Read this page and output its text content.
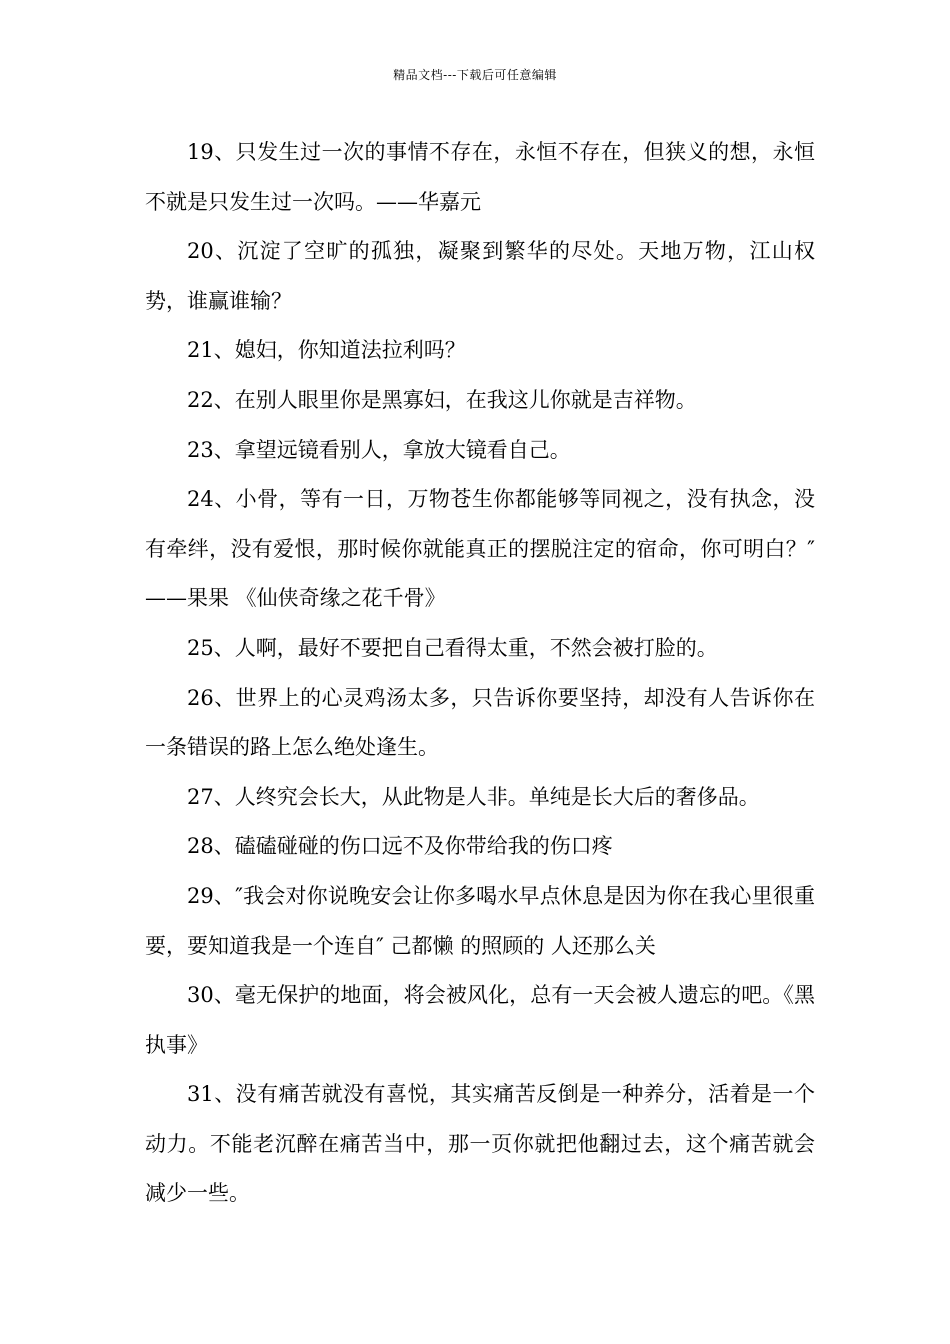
精品文档---下载后可任意编辑

19、只发生过一次的事情不存在，永恒不存在，但狭义的想，永恒不就是只发生过一次吗。——华嘉元

20、沉淀了空旷的孤独，凝聚到繁华的尽处。天地万物，江山权势，谁赢谁输？

21、媳妇，你知道法拉利吗？

22、在别人眼里你是黑寡妇，在我这儿你就是吉祥物。

23、拿望远镜看别人，拿放大镜看自己。

24、小骨，等有一日，万物苍生你都能够等同视之，没有执念，没有牵绊，没有爱恨，那时候你就能真正的摆脱注定的宿命，你可明白？″ ——果果 《仙侠奇缘之花千骨》

25、人啊，最好不要把自己看得太重，不然会被打脸的。

26、世界上的心灵鸡汤太多，只告诉你要坚持，却没有人告诉你在一条错误的路上怎么绝处逢生。

27、人终究会长大，从此物是人非。单纯是长大后的奢侈品。

28、磕磕碰碰的伤口远不及你带给我的伤口疼

29、″我会对你说晚安会让你多喝水早点休息是因为你在我心里很重要，要知道我是一个连自″ 己都懒 的照顾的 人还那么关

30、毫无保护的地面，将会被风化，总有一天会被人遗忘的吧。《黑执事》

31、没有痛苦就没有喜悦，其实痛苦反倒是一种养分，活着是一个动力。不能老沉醉在痛苦当中，那一页你就把他翻过去，这个痛苦就会减少一些。
